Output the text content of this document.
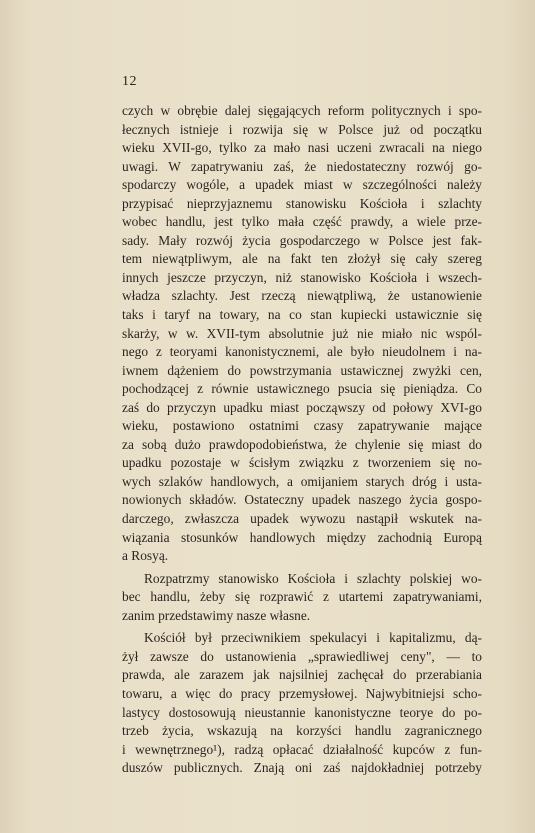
12
czych w obrębie dalej sięgających reform politycznych i spo-
łecznych istnieje i rozwija się w Polsce już od początku
wieku XVII-go, tylko za mało nasi uczeni zwracali na niego
uwagi. W zapatrywaniu zaś, że niedostateczny rozwój go-
spodarczy wogóle, a upadek miast w szczególności należy
przypisać nieprzyjaznemu stanowisku Kościoła i szlachty
wobec handlu, jest tylko mała część prawdy, a wiele prze-
sady. Mały rozwój życia gospodarczego w Polsce jest fak-
tem niewątpliwym, ale na fakt ten złożył się cały szereg
innych jeszcze przyczyn, niż stanowisko Kościoła i wszech-
władza szlachty. Jest rzeczą niewątpliwą, że ustanowienie
taks i taryf na towary, na co stan kupiecki ustawicznie się
skarży, w w. XVII-tym absolutnie już nie miało nic wspól-
nego z teoryami kanonistycznemi, ale było nieudolnem i na-
iwnem dążeniem do powstrzymania ustawicznej zwyżki cen,
pochodzącej z równie ustawicznego psucia się pieniądza. Co
zaś do przyczyn upadku miast począwszy od połowy XVI-go
wieku, postawiono ostatnimi czasy zapatrywanie mające
za sobą dużo prawdopodobieństwa, że chylenie się miast do
upadku pozostaje w ścisłym związku z tworzeniem się no-
wych szlaków handlowych, a omijaniem starych dróg i usta-
nowionych składów. Ostateczny upadek naszego życia gospo-
darczego, zwłaszcza upadek wywozu nastąpił wskutek na-
wiązania stosunków handlowych między zachodnią Europą
a Rosyą.
Rozpatrzmy stanowisko Kościoła i szlachty polskiej wo-
bec handlu, żeby się rozprawić z utartemi zapatrywaniami,
zanim przedstawimy nasze własne.
Kościół był przeciwnikiem spekulacyi i kapitalizmu, dą-
żył zawsze do ustanowienia „sprawiedliwej ceny", — to
prawda, ale zarazem jak najsilniej zachęcał do przerabiania
towaru, a więc do pracy przemysłowej. Najwybitniejsi scho-
lastycy dostosowują nieustannie kanonistyczne teorye do po-
trzeb życia, wskazują na korzyści handlu zagranicznego
i wewnętrznego¹), radzą opłacać działalność kupców z fun-
duszów publicznych. Znają oni zaś najdokładniej potrzeby
